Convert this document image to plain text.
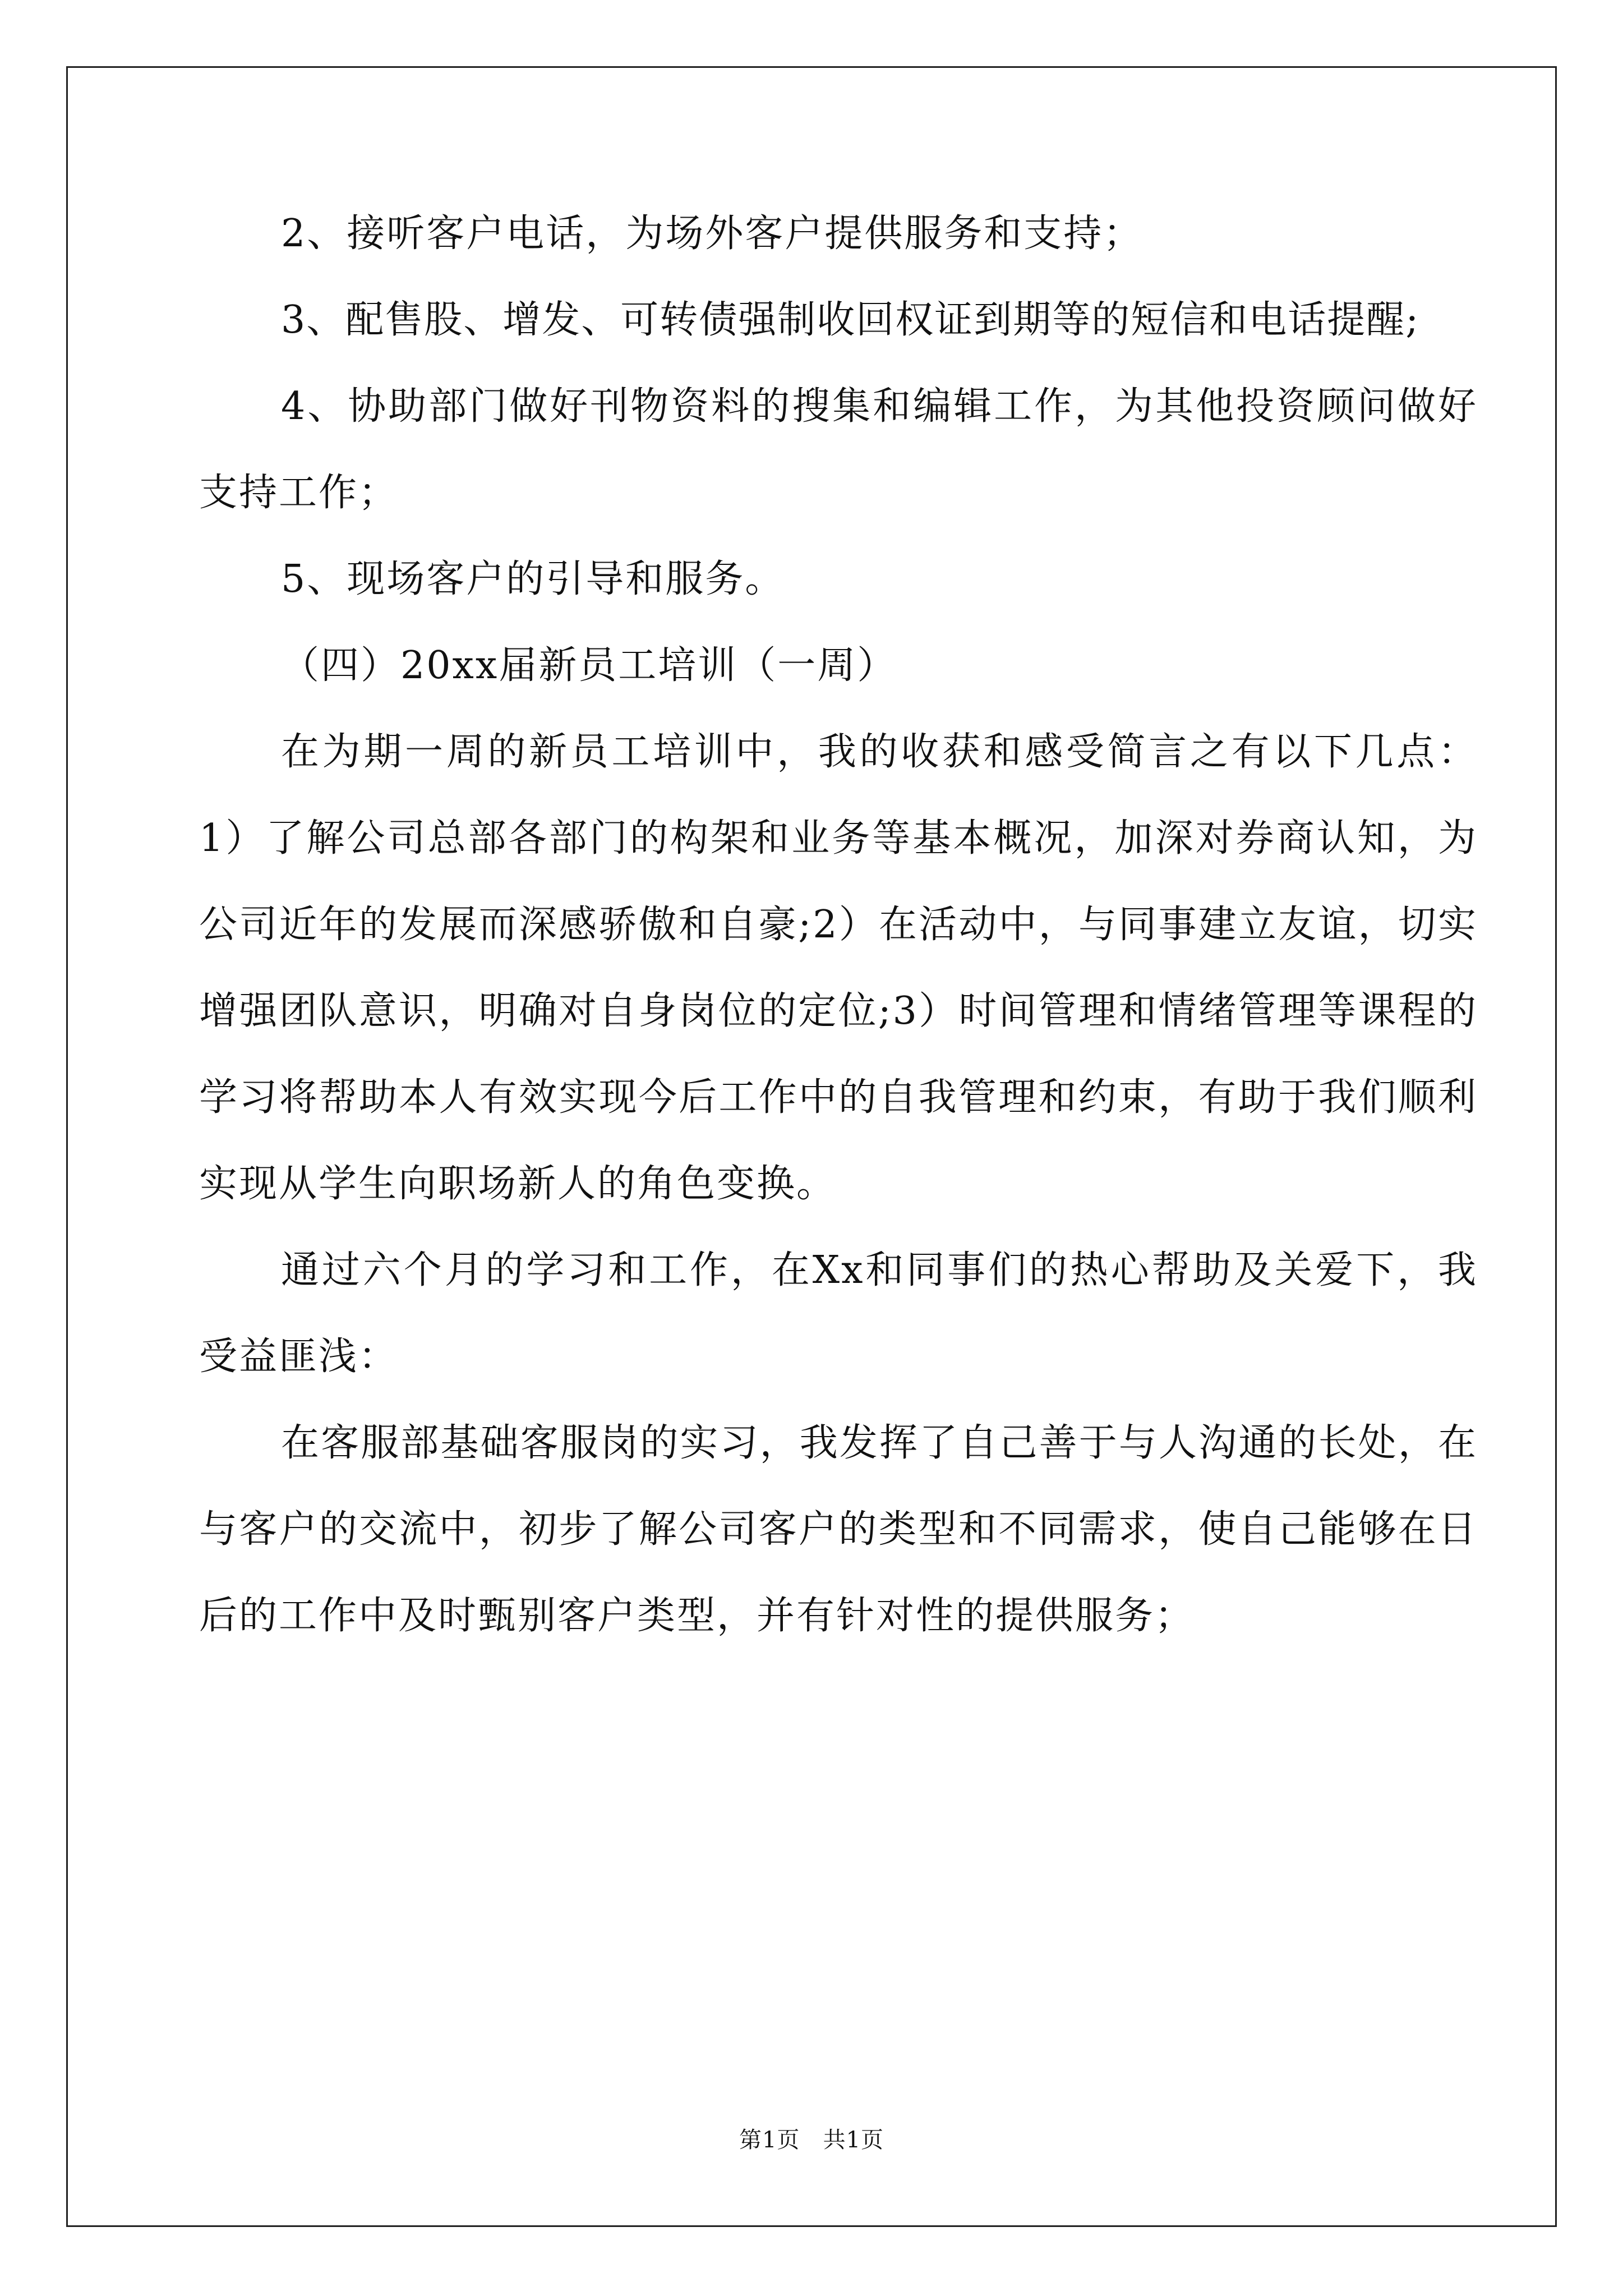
2、接听客户电话，为场外客户提供服务和支持；

3、配售股、增发、可转债强制收回权证到期等的短信和电话提醒;

4、协助部门做好刊物资料的搜集和编辑工作，为其他投资顾问做好支持工作；

5、现场客户的引导和服务。

（四）20xx届新员工培训（一周）

在为期一周的新员工培训中，我的收获和感受简言之有以下几点：1）了解公司总部各部门的构架和业务等基本概况，加深对券商认知，为公司近年的发展而深感骄傲和自豪;2）在活动中，与同事建立友谊，切实增强团队意识，明确对自身岗位的定位;3）时间管理和情绪管理等课程的学习将帮助本人有效实现今后工作中的自我管理和约束，有助于我们顺利实现从学生向职场新人的角色变换。

通过六个月的学习和工作，在Xx和同事们的热心帮助及关爱下，我受益匪浅：

在客服部基础客服岗的实习，我发挥了自己善于与人沟通的长处，在与客户的交流中，初步了解公司客户的类型和不同需求，使自己能够在日后的工作中及时甄别客户类型，并有针对性的提供服务；

第1页 共1页
